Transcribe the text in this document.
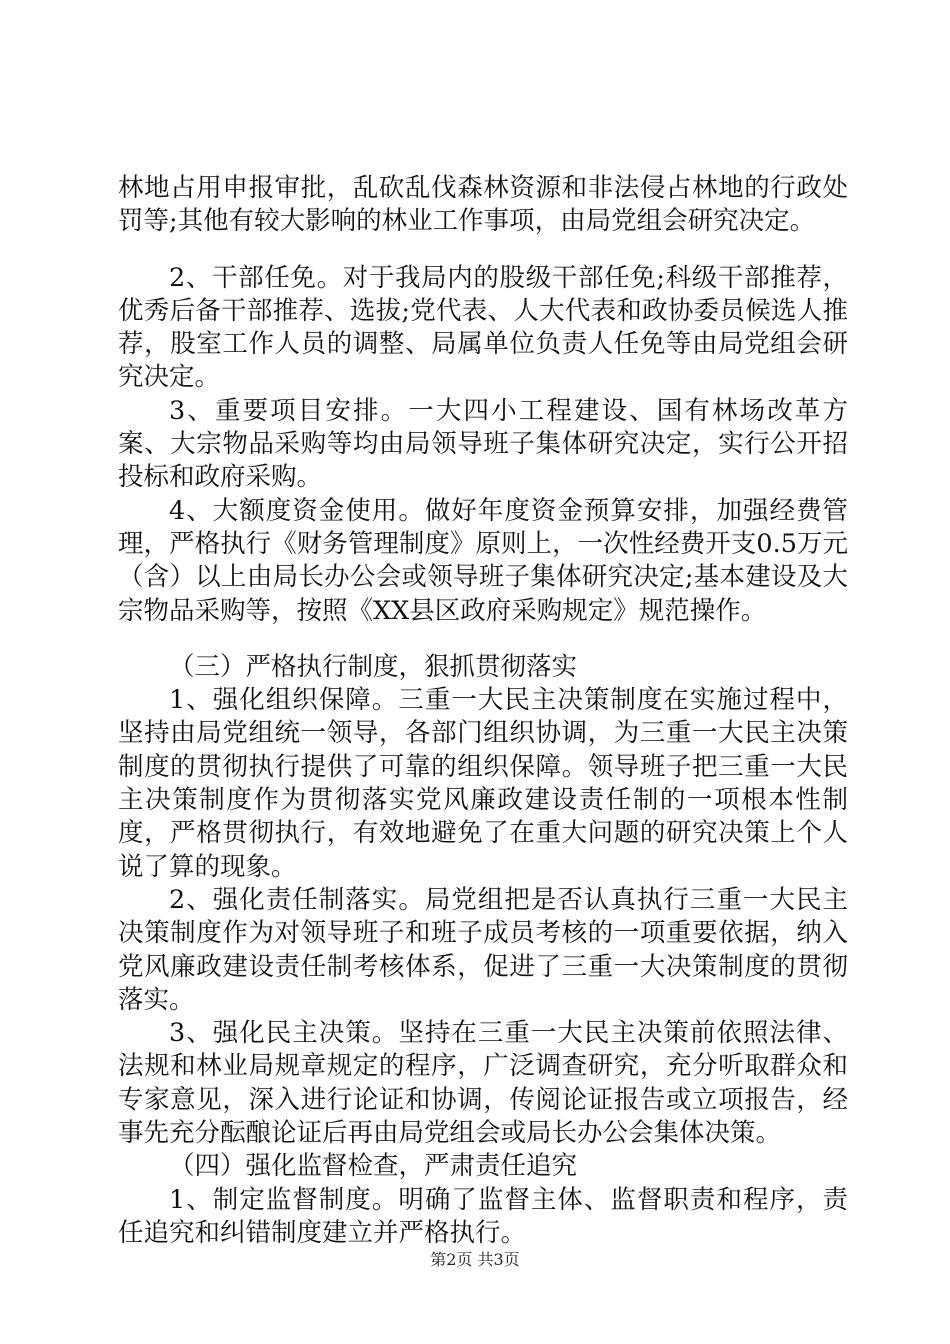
林地占用申报审批，乱砍乱伐森林资源和非法侵占林地的行政处罚等;其他有较大影响的林业工作事项，由局党组会研究决定。

2、干部任免。对于我局内的股级干部任免;科级干部推荐，优秀后备干部推荐、选拔;党代表、人大代表和政协委员候选人推荐，股室工作人员的调整、局属单位负责人任免等由局党组会研究决定。

3、重要项目安排。一大四小工程建设、国有林场改革方案、大宗物品采购等均由局领导班子集体研究决定，实行公开招投标和政府采购。

4、大额度资金使用。做好年度资金预算安排，加强经费管理，严格执行《财务管理制度》原则上，一次性经费开支0.5万元（含）以上由局长办公会或领导班子集体研究决定;基本建设及大宗物品采购等，按照《XX县区政府采购规定》规范操作。

（三）严格执行制度，狠抓贯彻落实

1、强化组织保障。三重一大民主决策制度在实施过程中，坚持由局党组统一领导，各部门组织协调，为三重一大民主决策制度的贯彻执行提供了可靠的组织保障。领导班子把三重一大民主决策制度作为贯彻落实党风廉政建设责任制的一项根本性制度，严格贯彻执行，有效地避免了在重大问题的研究决策上个人说了算的现象。

2、强化责任制落实。局党组把是否认真执行三重一大民主决策制度作为对领导班子和班子成员考核的一项重要依据，纳入党风廉政建设责任制考核体系，促进了三重一大决策制度的贯彻落实。

3、强化民主决策。坚持在三重一大民主决策前依照法律、法规和林业局规章规定的程序，广泛调查研究，充分听取群众和专家意见，深入进行论证和协调，传阅论证报告或立项报告，经事先充分酝酿论证后再由局党组会或局长办公会集体决策。

（四）强化监督检查，严肃责任追究

1、制定监督制度。明确了监督主体、监督职责和程序，责任追究和纠错制度建立并严格执行。

第2页 共3页
